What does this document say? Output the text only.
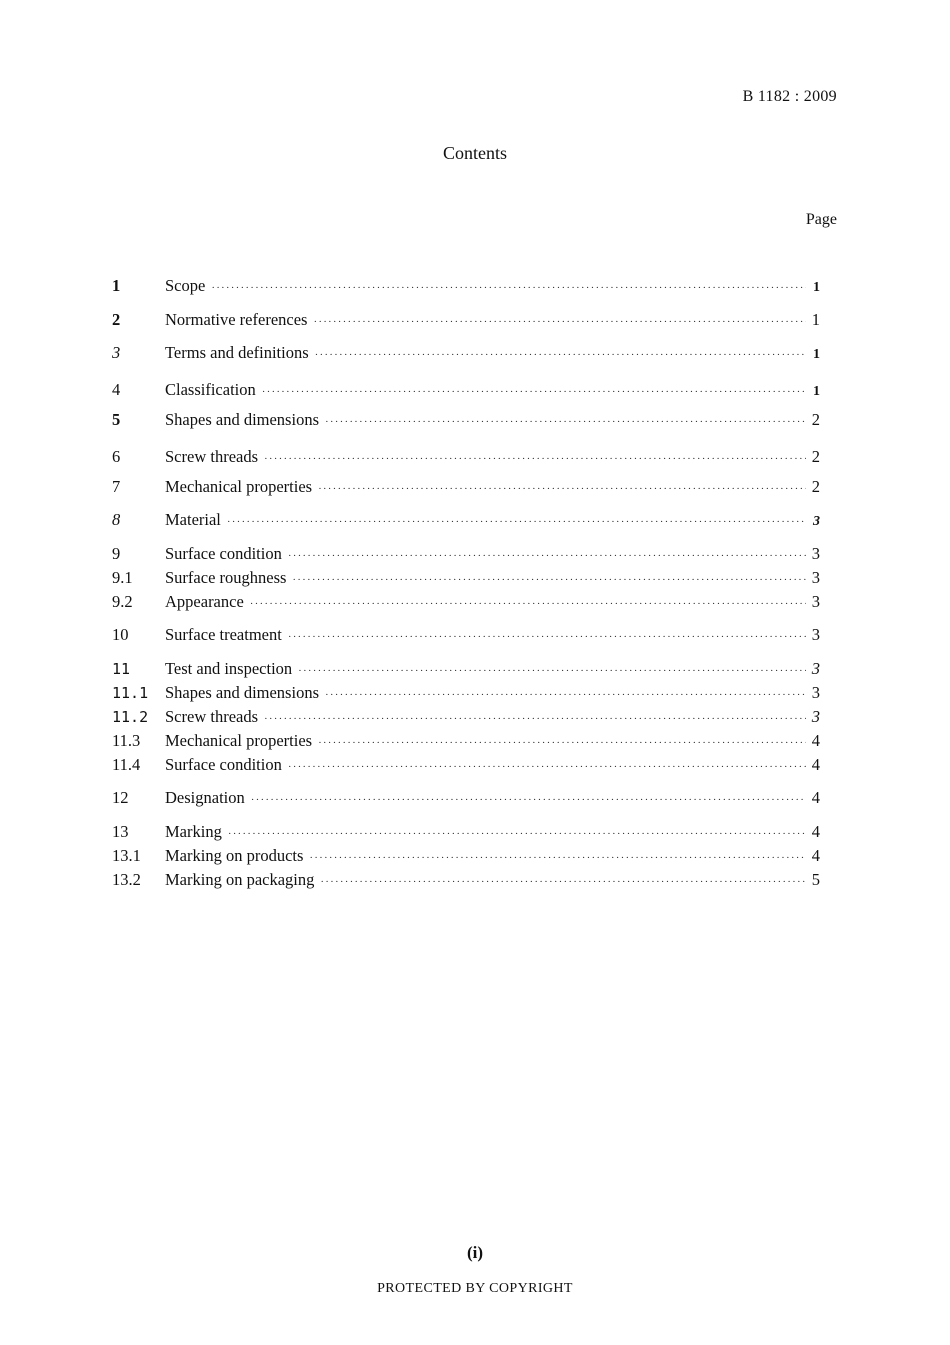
B 1182 : 2009
Contents
Page
1	Scope ·····	1
2	Normative references ·····	1
3	Terms and definitions ·····	1
4	Classification ·····	1
5	Shapes and dimensions ·····	2
6	Screw threads ·····	2
7	Mechanical properties ·····	2
8	Material ·····	3
9	Surface condition ·····	3
9.1	Surface roughness ·····	3
9.2	Appearance ·····	3
10	Surface treatment ·····	3
11	Test and inspection ·····	3
11.1	Shapes and dimensions ·····	3
11.2	Screw threads ·····	3
11.3	Mechanical properties ·····	4
11.4	Surface condition ·····	4
12	Designation ·····	4
13	Marking ·····	4
13.1	Marking on products ·····	4
13.2	Marking on packaging ·····	5
(i)
PROTECTED BY COPYRIGHT
